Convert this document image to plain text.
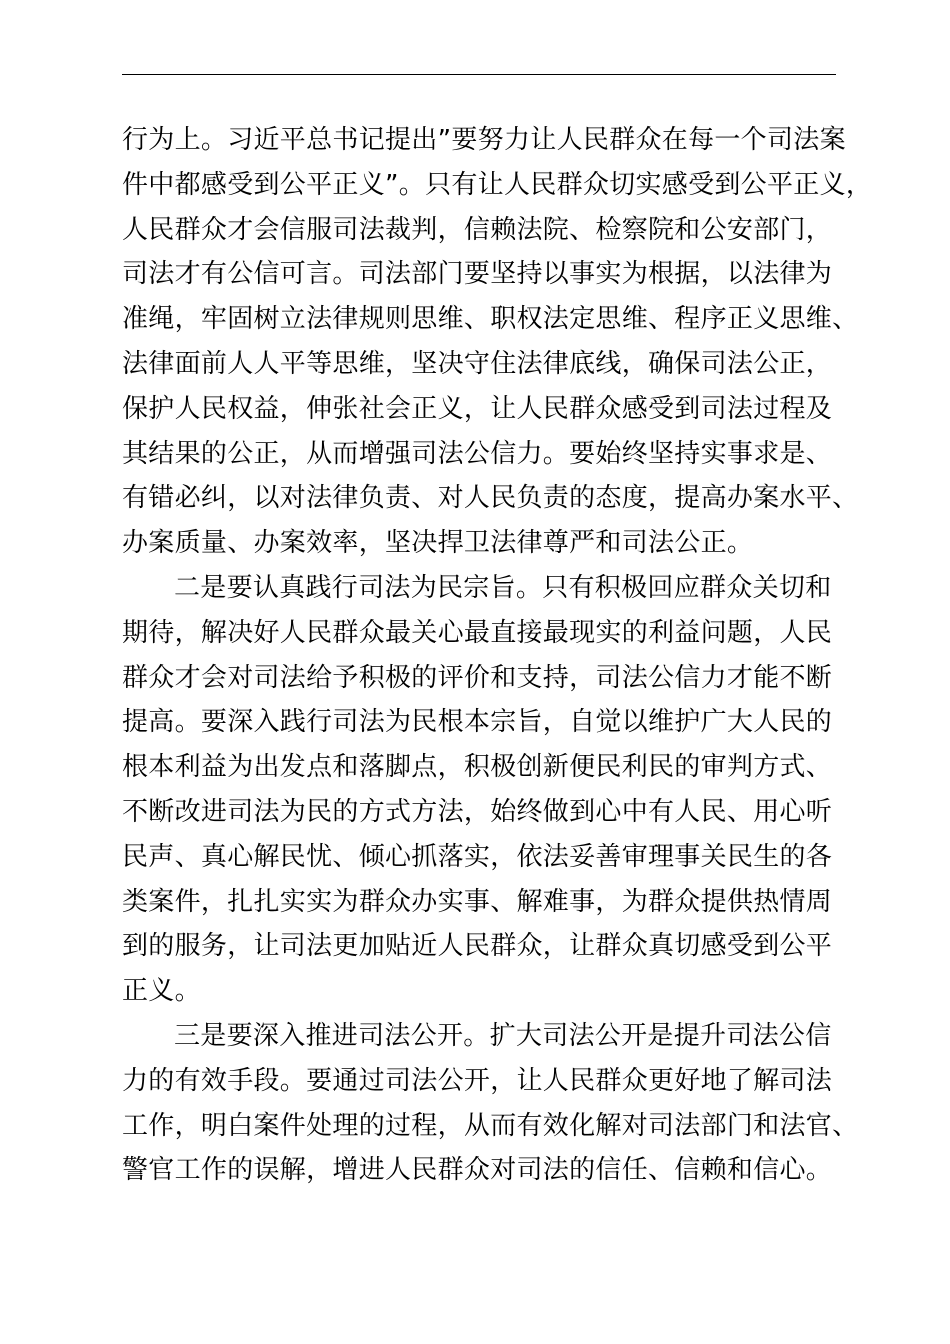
行为上。习近平总书记提出”要努力让人民群众在每一个司法案
件中都感受到公平正义”。只有让人民群众切实感受到公平正义，
人民群众才会信服司法裁判，信赖法院、检察院和公安部门，
司法才有公信可言。司法部门要坚持以事实为根据，以法律为
准绳，牢固树立法律规则思维、职权法定思维、程序正义思维、
法律面前人人平等思维，坚决守住法律底线，确保司法公正，
保护人民权益，伸张社会正义，让人民群众感受到司法过程及
其结果的公正，从而增强司法公信力。要始终坚持实事求是、
有错必纠，以对法律负责、对人民负责的态度，提高办案水平、
办案质量、办案效率，坚决捍卫法律尊严和司法公正。
二是要认真践行司法为民宗旨。只有积极回应群众关切和
期待，解决好人民群众最关心最直接最现实的利益问题，人民
群众才会对司法给予积极的评价和支持，司法公信力才能不断
提高。要深入践行司法为民根本宗旨，自觉以维护广大人民的
根本利益为出发点和落脚点，积极创新便民利民的审判方式、
不断改进司法为民的方式方法，始终做到心中有人民、用心听
民声、真心解民忧、倾心抓落实，依法妥善审理事关民生的各
类案件，扎扎实实为群众办实事、解难事，为群众提供热情周
到的服务，让司法更加贴近人民群众，让群众真切感受到公平
正义。
三是要深入推进司法公开。扩大司法公开是提升司法公信
力的有效手段。要通过司法公开，让人民群众更好地了解司法
工作，明白案件处理的过程，从而有效化解对司法部门和法官、
警官工作的误解，增进人民群众对司法的信任、信赖和信心。
